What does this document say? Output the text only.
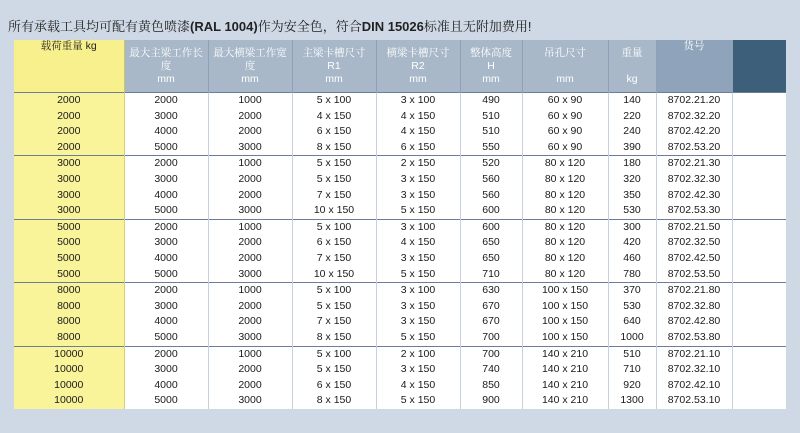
所有承载工具均可配有黄色喷漆(RAL 1004)作为安全色，符合DIN 15026标准且无附加费用!
载荷重量 kg	最大主梁工作长
度
mm	最大横梁工作宽
度
mm	主梁卡槽尺寸
R1
mm	横梁卡槽尺寸
R2
mm	整体高度
H
mm	吊孔尺寸
mm	重量
kg	货号	

2000	2000	1000	5 x 100	3 x 100	490	60 x 90	140	8702.21.20	
2000	3000	2000	4 x 150	4 x 150	510	60 x 90	220	8702.32.20	
2000	4000	2000	6 x 150	4 x 150	510	60 x 90	240	8702.42.20	
2000	5000	3000	8 x 150	6 x 150	550	60 x 90	390	8702.53.20	
3000	2000	1000	5 x 150	2 x 150	520	80 x 120	180	8702.21.30	
3000	3000	2000	5 x 150	3 x 150	560	80 x 120	320	8702.32.30	
3000	4000	2000	7 x 150	3 x 150	560	80 x 120	350	8702.42.30	
3000	5000	3000	10 x 150	5 x 150	600	80 x 120	530	8702.53.30	
5000	2000	1000	5 x 100	3 x 100	600	80 x 120	300	8702.21.50	
5000	3000	2000	6 x 150	4 x 150	650	80 x 120	420	8702.32.50	
5000	4000	2000	7 x 150	3 x 150	650	80 x 120	460	8702.42.50	
5000	5000	3000	10 x 150	5 x 150	710	80 x 120	780	8702.53.50	
8000	2000	1000	5 x 100	3 x 100	630	100 x 150	370	8702.21.80	
8000	3000	2000	5 x 150	3 x 150	670	100 x 150	530	8702.32.80	
8000	4000	2000	7 x 150	3 x 150	670	100 x 150	640	8702.42.80	
8000	5000	3000	8 x 150	5 x 150	700	100 x 150	1000	8702.53.80	
10000	2000	1000	5 x 100	2 x 100	700	140 x 210	510	8702.21.10	
10000	3000	2000	5 x 150	3 x 150	740	140 x 210	710	8702.32.10	
10000	4000	2000	6 x 150	4 x 150	850	140 x 210	920	8702.42.10	
10000	5000	3000	8 x 150	5 x 150	900	140 x 210	1300	8702.53.10	
